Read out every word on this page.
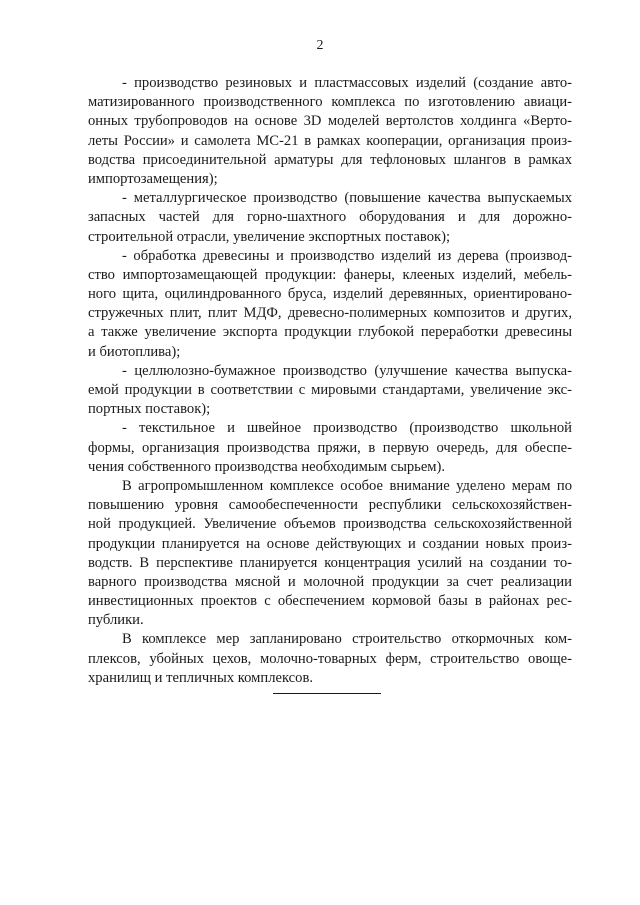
2
- производство резиновых и пластмассовых изделий (создание авто-
матизированного производственного комплекса по изготовлению авиаци-
онных трубопроводов на основе 3D моделей вертолстов холдинга «Верто-
леты России» и самолета МС-21 в рамках кооперации, организация произ-
водства присоединительной арматуры для тефлоновых шлангов в рамках
импортозамещения);
- металлургическое производство (повышение качества выпускаемых
запасных частей для горно-шахтного оборудования и для дорожно-
строительной отрасли, увеличение экспортных поставок);
- обработка древесины и производство изделий из дерева (производ-
ство импортозамещающей продукции: фанеры, клееных изделий, мебель-
ного щита, оцилиндрованного бруса, изделий деревянных, ориентировано-
стружечных плит, плит МДФ, древесно-полимерных композитов и других,
а также увеличение экспорта продукции глубокой переработки древесины
и биотоплива);
- целлюлозно-бумажное производство (улучшение качества выпуска-
емой продукции в соответствии с мировыми стандартами, увеличение экс-
портных поставок);
- текстильное и швейное производство (производство школьной
формы, организация производства пряжи, в первую очередь, для обеспе-
чения собственного производства необходимым сырьем).
В агропромышленном комплексе особое внимание уделено мерам по
повышению уровня самообеспеченности республики сельскохозяйствен-
ной продукцией. Увеличение объемов производства сельскохозяйственной
продукции планируется на основе действующих и создании новых произ-
водств. В перспективе планируется концентрация усилий на создании то-
варного производства мясной и молочной продукции за счет реализации
инвестиционных проектов с обеспечением кормовой базы в районах рес-
публики.
В комплексе мер запланировано строительство откормочных ком-
плексов, убойных цехов, молочно-товарных ферм, строительство овоще-
хранилищ и тепличных комплексов.
